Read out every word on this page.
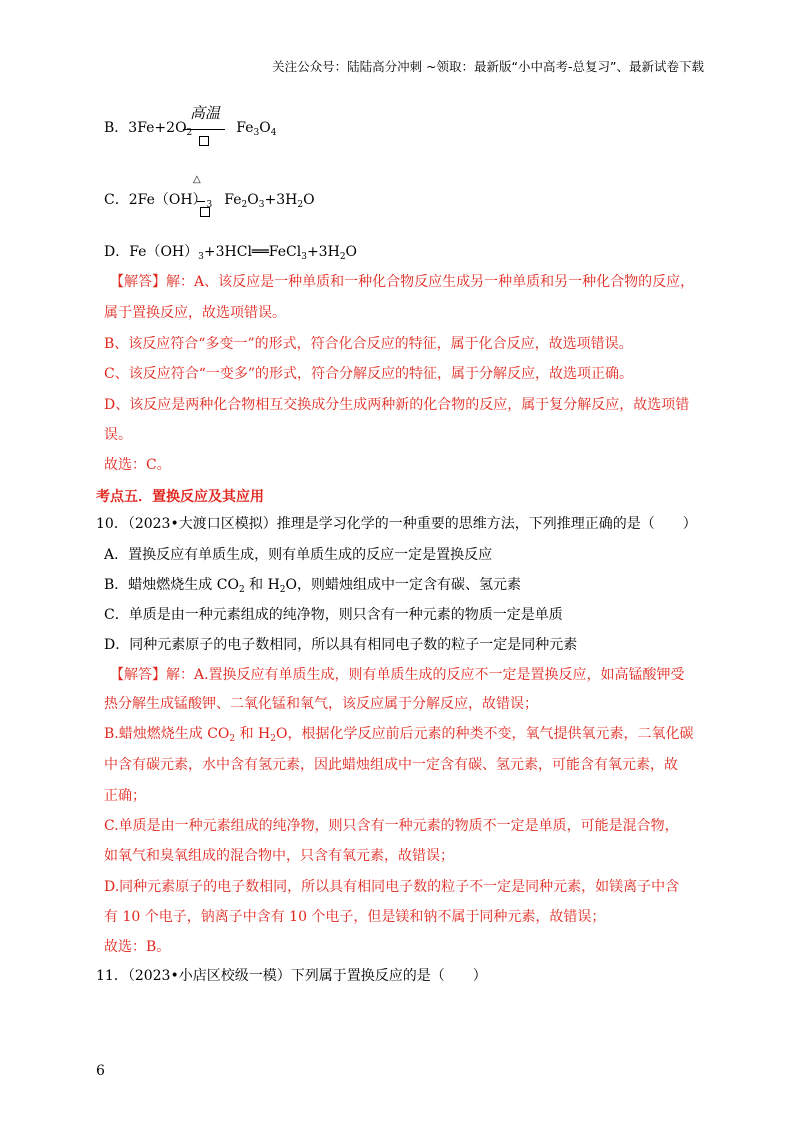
关注公众号：陆陆高分冲刺 ~领取：最新版“小中高考-总复习”、最新试卷下载
高温
B．$3Fe+2O_2$	$Fe_3O_4$
△
C．$2Fe(OH)_3$ $Fe_2O_3+3H_2O$
D．$Fe(OH)_3+3HCl══FeCl_3+3H_2O$
【解答】解：A、该反应是一种单质和一种化合物反应生成另一种单质和另一种化合物的反应，
属于置换反应，故选项错误。
B、该反应符合“多变一”的形式，符合化合反应的特征，属于化合反应，故选项错误。
C、该反应符合“一变多”的形式，符合分解反应的特征，属于分解反应，故选项正确。
D、该反应是两种化合物相互交换成分生成两种新的化合物的反应，属于复分解反应，故选项错
误。
故选：C。
考点五．置换反应及其应用
10．（2023•大渡口区模拟）推理是学习化学的一种重要的思维方法，下列推理正确的是（　　）
A．置换反应有单质生成，则有单质生成的反应一定是置换反应
B．蜡烛燃烧生成 $CO_2$ 和 $H_2O$，则蜡烛组成中一定含有碳、氢元素
C．单质是由一种元素组成的纯净物，则只含有一种元素的物质一定是单质
D．同种元素原子的电子数相同，所以具有相同电子数的粒子一定是同种元素
【解答】解：A.置换反应有单质生成，则有单质生成的反应不一定是置换反应，如高锰酸钾受
热分解生成锰酸钾、二氧化锰和氧气，该反应属于分解反应，故错误；
B.蜡烛燃烧生成 $CO_2$ 和 $H_2O$，根据化学反应前后元素的种类不变，氧气提供氧元素，二氧化碳
中含有碳元素，水中含有氢元素，因此蜡烛组成中一定含有碳、氢元素，可能含有氧元素，故
正确；
C.单质是由一种元素组成的纯净物，则只含有一种元素的物质不一定是单质，可能是混合物，
如氧气和臭氧组成的混合物中，只含有氧元素，故错误；
D.同种元素原子的电子数相同，所以具有相同电子数的粒子不一定是同种元素，如镁离子中含
有 10 个电子，钠离子中含有 10 个电子，但是镁和钠不属于同种元素，故错误；
故选：B。
11．（2023•小店区校级一模）下列属于置换反应的是（　　）
6
